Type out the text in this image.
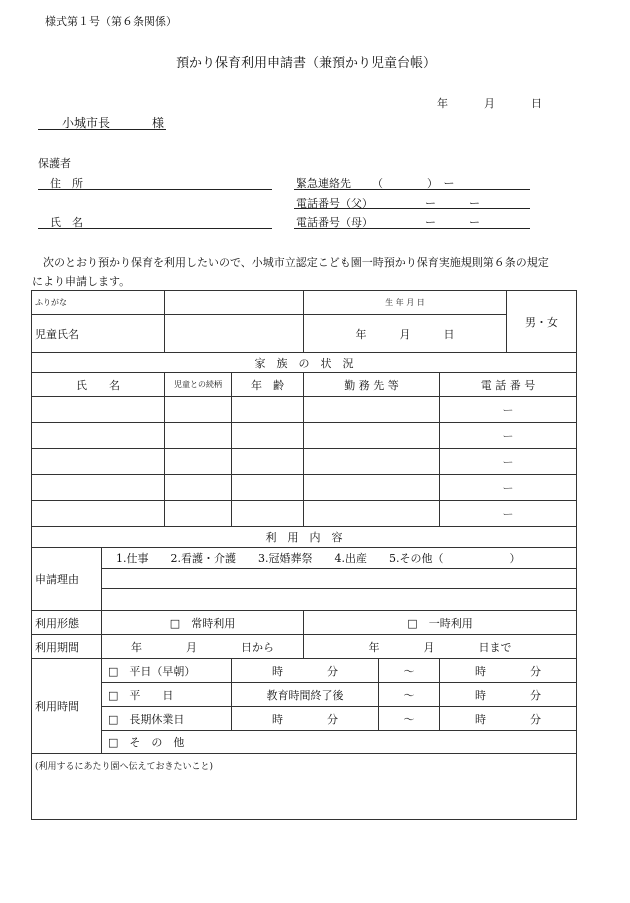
様式第１号（第６条関係）
預かり保育利用申請書（兼預かり児童台帳）
年	月	日
小城市長	様
保護者
住　所
氏　名
緊急連絡先 （　　　　）　ー
電話番号（父）	ー　　　ー
電話番号（母）	ー　　　ー
　次のとおり預かり保育を利用したいので、小城市立認定こども園一時預かり保育実施規則第６条の規定
により申請します。
ふりがな				生 年 月 日			男・女
児童氏名				年　　　月　　　日			
家　族　の　状　況							
氏　　名		児童との続柄	年　齢	勤 務 先 等		電 話 番 号	
						ー	
						ー	
						ー	
						ー	
						ー	
利　用　内　容							
申請理由	1.仕事　　2.看護・介護　　3.冠婚葬祭　　4.出産　　5.その他（　　　　　　）						

利用形態	□　常時利用			□　一時利用			
利用期間	年　　　　月　　　　日から			年　　　　月　　　　日まで			
利用時間	□　 平日（早朝）		時　　　　分		〜	時　　　　分	
	□　 平　　日		教育時間終了後		〜	時　　　　分	
	□　 長期休業日		時　　　　分		〜	時　　　　分	
	□　 そ　の　他						
(利用するにあたり園へ伝えておきたいこと)							
